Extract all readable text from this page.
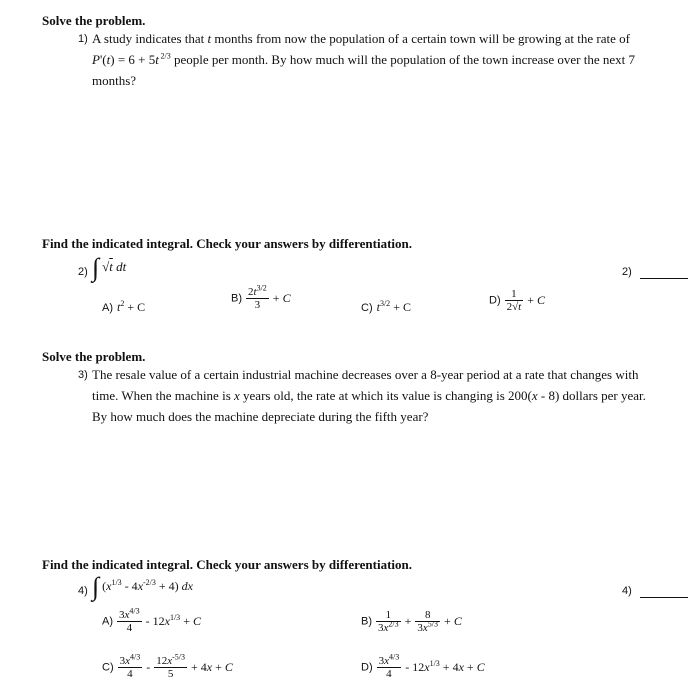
Solve the problem.
1) A study indicates that t months from now the population of a certain town will be growing at the rate of P'(t) = 6 + 5t $^{2/3}$ people per month. By how much will the population of the town increase over the next 7 months?
Find the indicated integral. Check your answers by differentiation.
2) ∫ √t dt	2)
A) $t^2 + C$
$B) \frac{2t^{3/2}}{3} + C$
C) $t^{3/2} + C$	$D) \frac{1}{2√t} + C$
Solve the problem.
3) The resale value of a certain industrial machine decreases over a 8-year period at a rate that changes with time. When the machine is x years old, the rate at which its value is changing is 200(x - 8) dollars per year. By how much does the machine depreciate during the fifth year?
Find the indicated integral. Check your answers by differentiation.
4) ∫ $(x^{1/3} - 4x^{-2/3} + 4)$ dx	4)
$A) \frac{3x^{4/3}}{4} - 12x^{1/3} + C$	$B) \frac{1}{3x^{2/3}} + \frac{8}{3x^{5/3}} + C$
$C) \frac{3x^{4/3}}{4} - \frac{12x^{-5/3}}{5} + 4x + C$	$D) \frac{3x^{4/3}}{4} - 12x^{1/3} + 4x + C$
